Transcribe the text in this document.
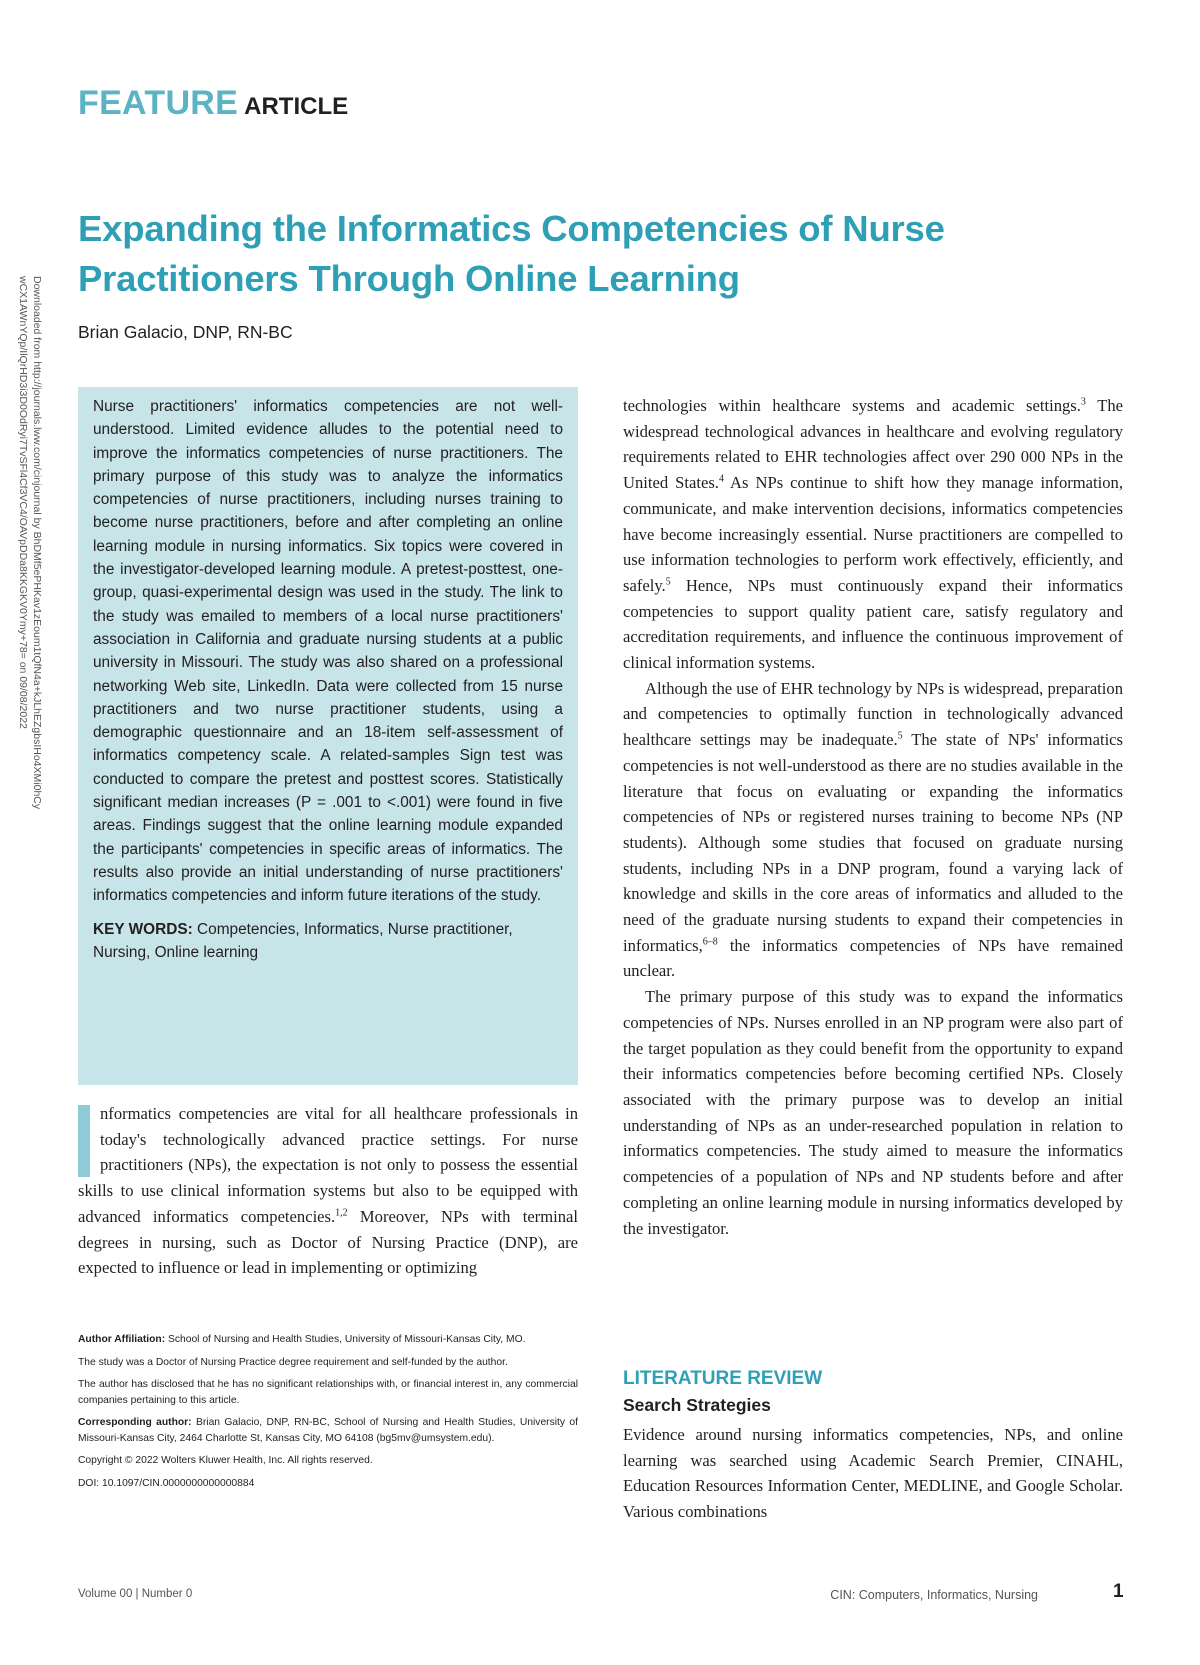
FEATURE ARTICLE
Expanding the Informatics Competencies of Nurse Practitioners Through Online Learning

Brian Galacio, DNP, RN-BC

Downloaded from http://journals.lww.com/cinjournal by BhDMf5ePHKav1zEoum1tQfN4a+kJLhEZgbsIHo4XMi0hCy wCX1AWnYQp/IlQrHD3i3D0OdRyi7TvSFl4Cf3VC4/OAVpDDa8KKGKV0Ymy+78= on 09/08/2022	Nurse practitioners' informatics competencies are not well-understood. Limited evidence alludes to the potential need to improve the informatics competencies of nurse practitioners. The primary purpose of this study was to analyze the informatics competencies of nurse practitioners, including nurses training to become nurse practitioners, before and after completing an online learning module in nursing informatics. Six topics were covered in the investigator-developed learning module. A pretest-posttest, one-group, quasi-experimental design was used in the study. The link to the study was emailed to members of a local nurse practitioners' association in California and graduate nursing students at a public university in Missouri. The study was also shared on a professional networking Web site, LinkedIn. Data were collected from 15 nurse practitioners and two nurse practitioner students, using a demographic questionnaire and an 18-item self-assessment of informatics competency scale. A related-samples Sign test was conducted to compare the pretest and posttest scores. Statistically significant median increases (P = .001 to <.001) were found in five areas. Findings suggest that the online learning module expanded the participants' competencies in specific areas of informatics. The results also provide an initial understanding of nurse practitioners' informatics competencies and inform future iterations of the study.

KEY WORDS: Competencies, Informatics, Nurse practitioner, Nursing, Online learning

nformatics competencies are vital for all healthcare professionals in today's technologically advanced practice settings. For nurse practitioners (NPs), the expectation is not only to possess the essential skills to use clinical information systems but also to be equipped with advanced informatics competencies.$^{1,2}$ Moreover, NPs with terminal degrees in nursing, such as Doctor of Nursing Practice (DNP), are expected to influence or lead in implementing or optimizing

Author Affiliation: School of Nursing and Health Studies, University of Missouri-Kansas City, MO.

The study was a Doctor of Nursing Practice degree requirement and self-funded by the author.

The author has disclosed that he has no significant relationships with, or financial interest in, any commercial companies pertaining to this article.

Corresponding author: Brian Galacio, DNP, RN-BC, School of Nursing and Health Studies, University of Missouri-Kansas City, 2464 Charlotte St, Kansas City, MO 64108 (bg5mv@umsystem.edu).

Copyright © 2022 Wolters Kluwer Health, Inc. All rights reserved.

DOI: 10.1097/CIN.0000000000000884

technologies within healthcare systems and academic settings.$^3$ The widespread technological advances in healthcare and evolving regulatory requirements related to EHR technologies affect over 290 000 NPs in the United States.$^4$ As NPs continue to shift how they manage information, communicate, and make intervention decisions, informatics competencies have become increasingly essential. Nurse practitioners are compelled to use information technologies to perform work effectively, efficiently, and safely.$^5$ Hence, NPs must continuously expand their informatics competencies to support quality patient care, satisfy regulatory and accreditation requirements, and influence the continuous improvement of clinical information systems.

Although the use of EHR technology by NPs is widespread, preparation and competencies to optimally function in technologically advanced healthcare settings may be inadequate.$^5$ The state of NPs' informatics competencies is not well-understood as there are no studies available in the literature that focus on evaluating or expanding the informatics competencies of NPs or registered nurses training to become NPs (NP students). Although some studies that focused on graduate nursing students, including NPs in a DNP program, found a varying lack of knowledge and skills in the core areas of informatics and alluded to the need of the graduate nursing students to expand their competencies in informatics,$^{6-8}$ the informatics competencies of NPs have remained unclear.

The primary purpose of this study was to expand the informatics competencies of NPs. Nurses enrolled in an NP program were also part of the target population as they could benefit from the opportunity to expand their informatics competencies before becoming certified NPs. Closely associated with the primary purpose was to develop an initial understanding of NPs as an under-researched population in relation to informatics competencies. The study aimed to measure the informatics competencies of a population of NPs and NP students before and after completing an online learning module in nursing informatics developed by the investigator.

LITERATURE REVIEW
Search Strategies

Evidence around nursing informatics competencies, NPs, and online learning was searched using Academic Search Premier, CINAHL, Education Resources Information Center, MEDLINE, and Google Scholar. Various combinations

Volume 00 | Number 0	CIN: Computers, Informatics, Nursing	1
